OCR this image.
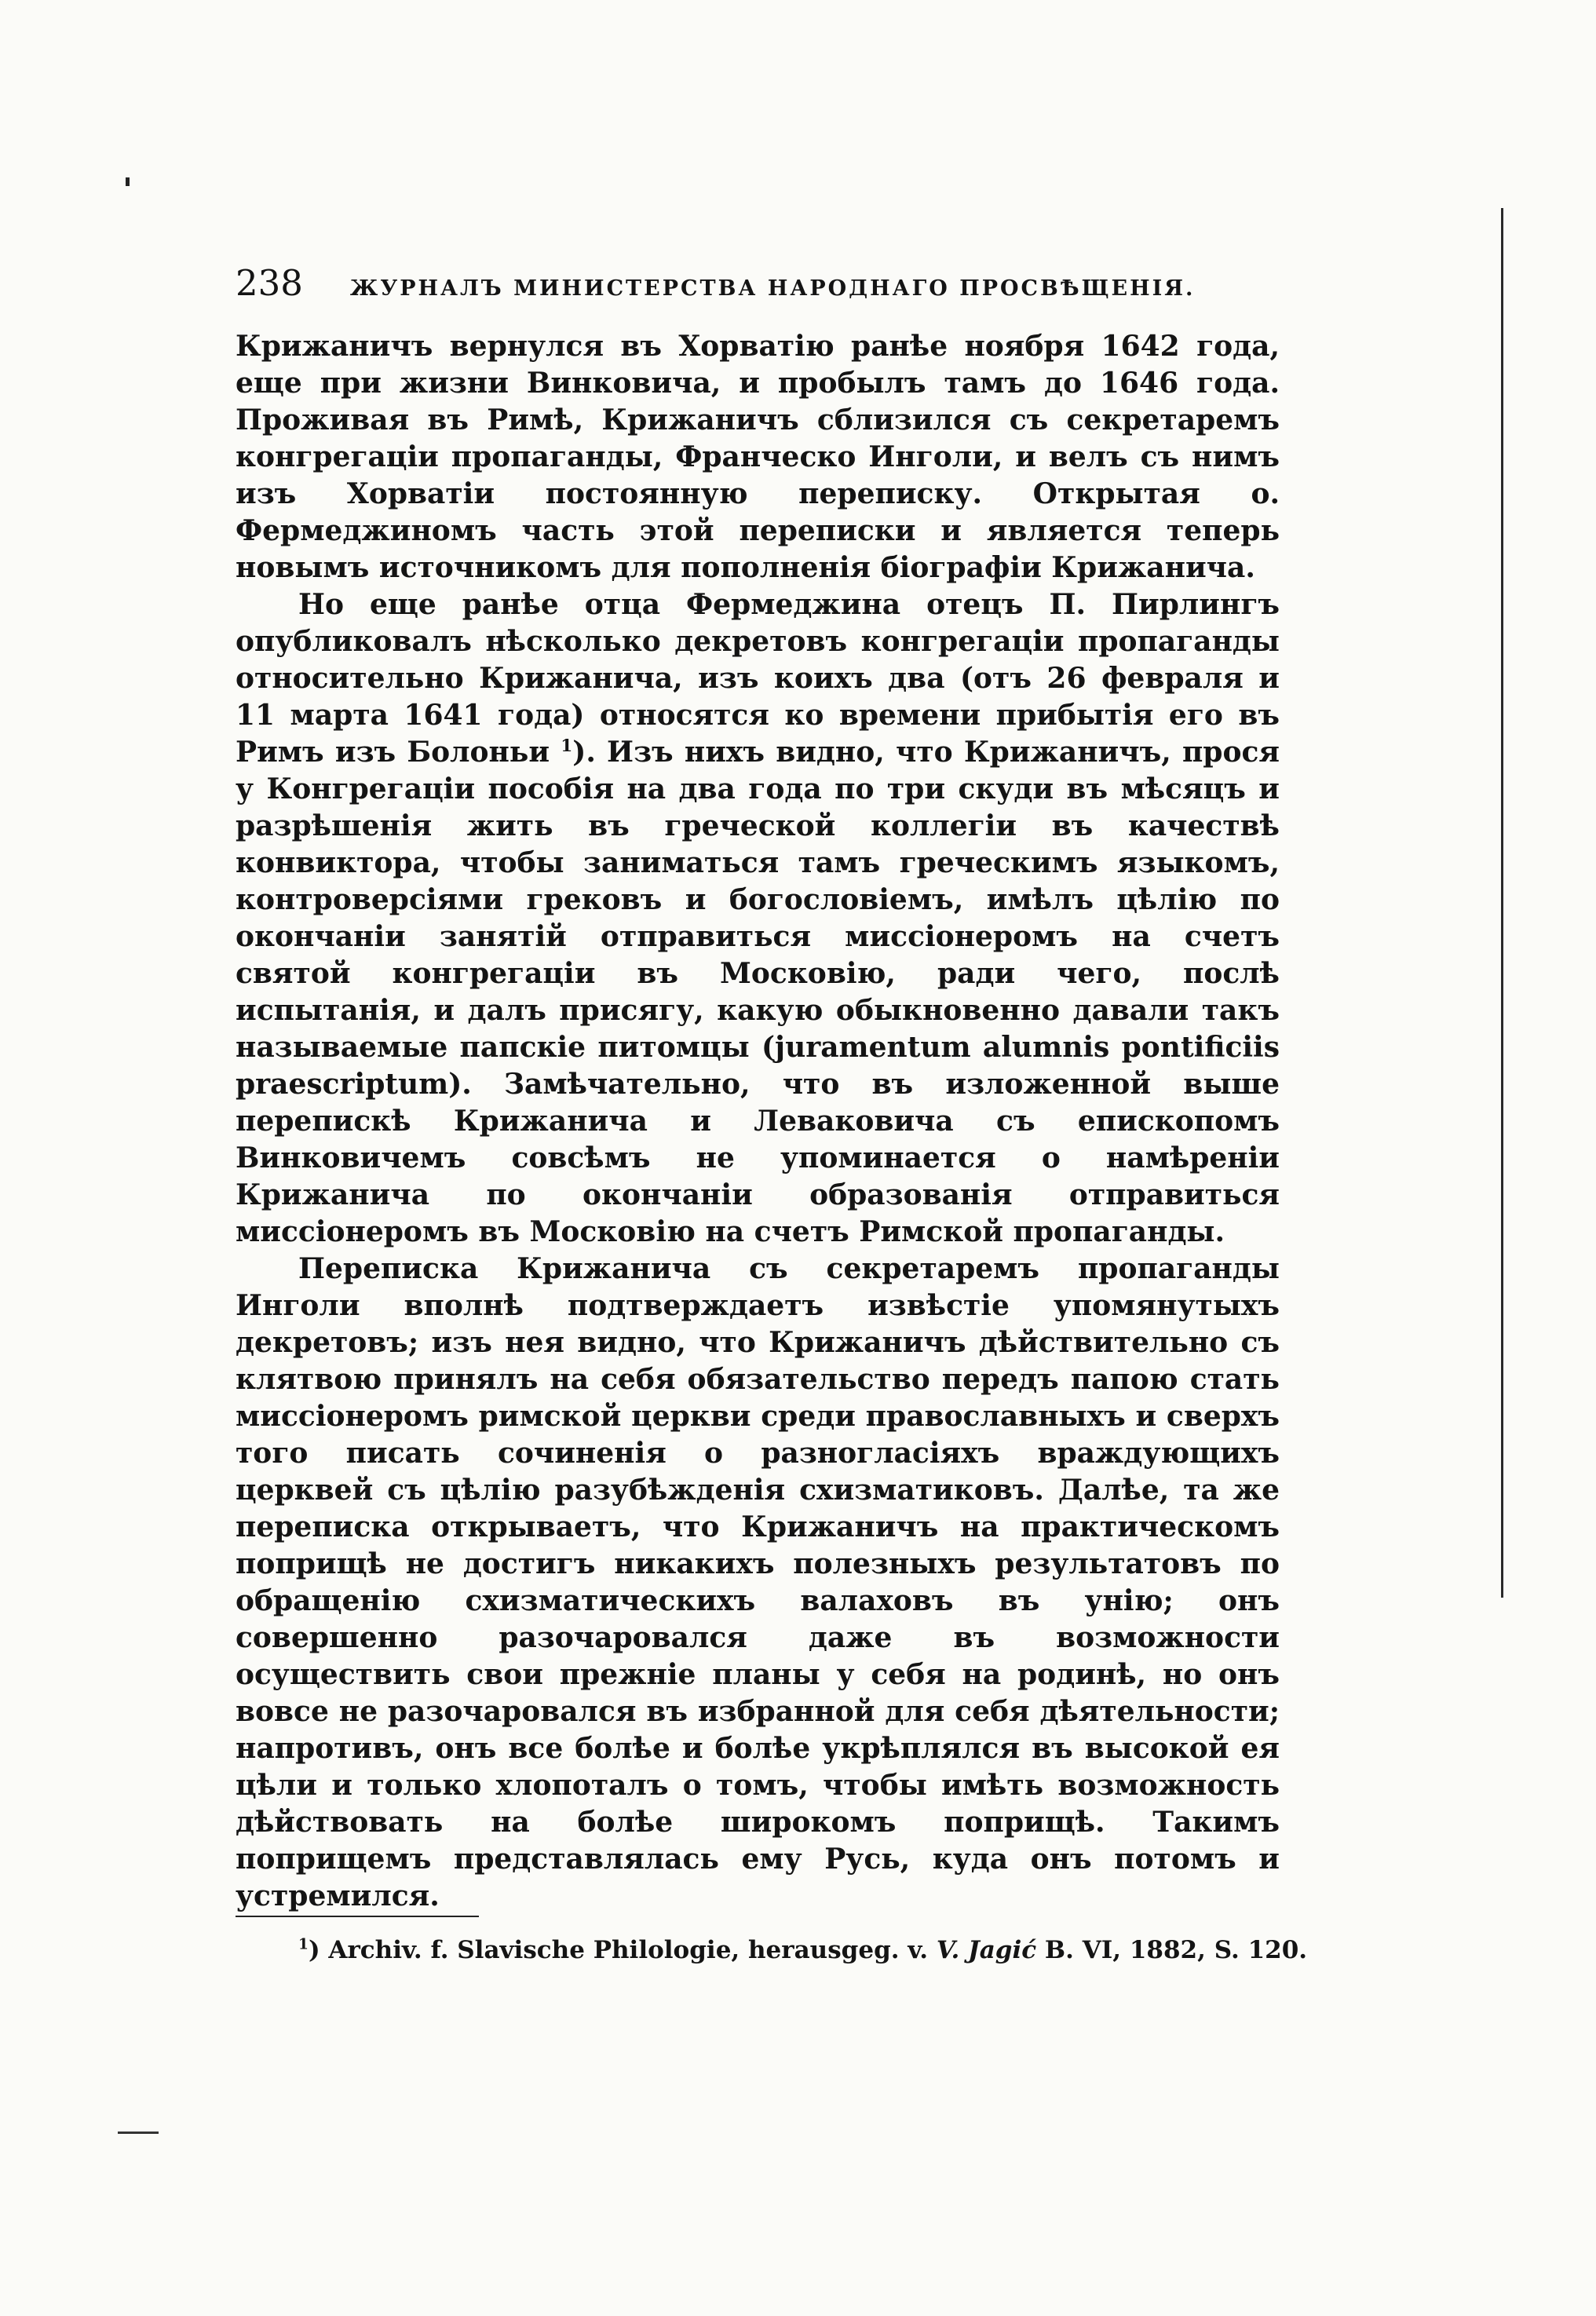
238 ЖУРНАЛЪ МИНИСТЕРСТВА НАРОДНАГО ПРОСВѢЩЕНІЯ.

Крижаничъ вернулся въ Хорватію ранѣе ноября 1642 года, еще при жизни Винковича, и пробылъ тамъ до 1646 года. Проживая въ Римѣ, Крижаничъ сблизился съ секретаремъ конгрегаціи пропаганды, Франческо Инголи, и велъ съ нимъ изъ Хорватіи постоянную переписку. Открытая о. Фермеджиномъ часть этой переписки и является теперь новымъ источникомъ для пополненія біографіи Крижанича.

Но еще ранѣе отца Фермеджина отецъ П. Пирлингъ опубликовалъ нѣсколько декретовъ конгрегаціи пропаганды относительно Крижанича, изъ коихъ два (отъ 26 февраля и 11 марта 1641 года) относятся ко времени прибытія его въ Римъ изъ Болоньи $^1$). Изъ нихъ видно, что Крижаничъ, прося у Конгрегаціи пособія на два года по три скуди въ мѣсяцъ и разрѣшенія жить въ греческой коллегіи въ качествѣ конвиктора, чтобы заниматься тамъ греческимъ языкомъ, контроверсіями грековъ и богословіемъ, имѣлъ цѣлію по окончаніи занятій отправиться миссіонеромъ на счетъ святой конгрегаціи въ Московію, ради чего, послѣ испытанія, и далъ присягу, какую обыкновенно давали такъ называемые папскіе питомцы (juramentum alumnis pontificiis praescriptum). Замѣчательно, что въ изложенной выше перепискѣ Крижанича и Леваковича съ епископомъ Винковичемъ совсѣмъ не упоминается о намѣреніи Крижанича по окончаніи образованія отправиться миссіонеромъ въ Московію на счетъ Римской пропаганды.

Переписка Крижанича съ секретаремъ пропаганды Инголи вполнѣ подтверждаетъ извѣстіе упомянутыхъ декретовъ; изъ нея видно, что Крижаничъ дѣйствительно съ клятвою принялъ на себя обязательство передъ папою стать миссіонеромъ римской церкви среди православныхъ и сверхъ того писать сочиненія о разногласіяхъ враждующихъ церквей съ цѣлію разубѣжденія схизматиковъ. Далѣе, та же переписка открываетъ, что Крижаничъ на практическомъ поприщѣ не достигъ никакихъ полезныхъ результатовъ по обращенію схизматическихъ валаховъ въ унію; онъ совершенно разочаровался даже въ возможности осуществить свои прежніе планы у себя на родинѣ, но онъ вовсе не разочаровался въ избранной для себя дѣятельности; напротивъ, онъ все болѣе и болѣе укрѣплялся въ высокой ея цѣли и только хлопоталъ о томъ, чтобы имѣть возможность дѣйствовать на болѣе широкомъ поприщѣ. Такимъ поприщемъ представлялась ему Русь, куда онъ потомъ и устремился.

$^1$) Archiv. f. Slavische Philologie, herausgeg. v. V. Jagić B. VI, 1882, S. 120.
